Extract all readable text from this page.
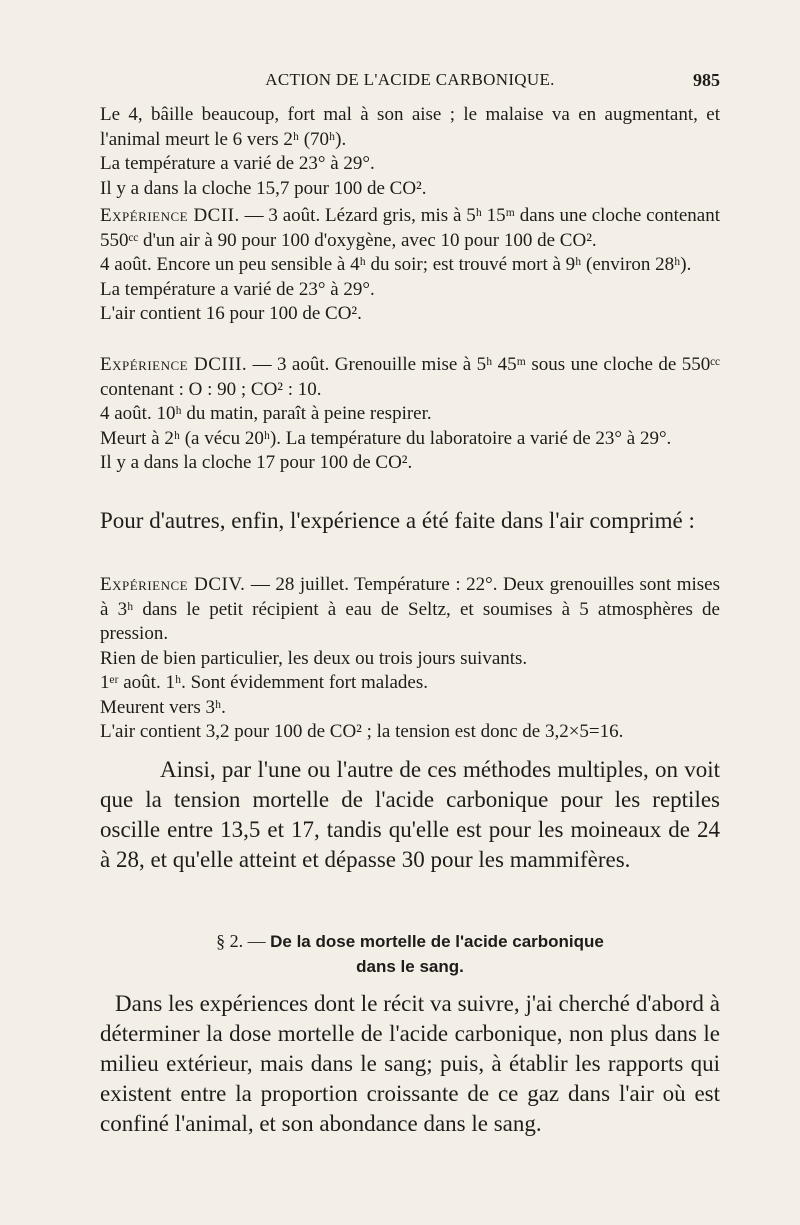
ACTION DE L'ACIDE CARBONIQUE.	985

Le 4, bâille beaucoup, fort mal à son aise ; le malaise va en augmentant, et l'animal meurt le 6 vers 2ʰ (70ʰ).

La température a varié de 23° à 29°.

Il y a dans la cloche 15,7 pour 100 de CO².

Expérience DCII. — 3 août. Lézard gris, mis à 5ʰ 15ᵐ dans une cloche contenant 550ᶜᶜ d'un air à 90 pour 100 d'oxygène, avec 10 pour 100 de CO².

4 août. Encore un peu sensible à 4ʰ du soir; est trouvé mort à 9ʰ (environ 28ʰ).

La température a varié de 23° à 29°.

L'air contient 16 pour 100 de CO².

Expérience DCIII. — 3 août. Grenouille mise à 5ʰ 45ᵐ sous une cloche de 550ᶜᶜ contenant : O : 90 ; CO² : 10.

4 août. 10ʰ du matin, paraît à peine respirer.

Meurt à 2ʰ (a vécu 20ʰ). La température du laboratoire a varié de 23° à 29°.

Il y a dans la cloche 17 pour 100 de CO².

Pour d'autres, enfin, l'expérience a été faite dans l'air comprimé :

Expérience DCIV. — 28 juillet. Température : 22°. Deux grenouilles sont mises à 3ʰ dans le petit récipient à eau de Seltz, et soumises à 5 atmosphères de pression.

Rien de bien particulier, les deux ou trois jours suivants.

1ᵉʳ août. 1ʰ. Sont évidemment fort malades.

Meurent vers 3ʰ.

L'air contient 3,2 pour 100 de CO² ; la tension est donc de 3,2×5=16.

Ainsi, par l'une ou l'autre de ces méthodes multiples, on voit que la tension mortelle de l'acide carbonique pour les reptiles oscille entre 13,5 et 17, tandis qu'elle est pour les moineaux de 24 à 28, et qu'elle atteint et dépasse 30 pour les mammifères.

§ 2. — De la dose mortelle de l'acide carbonique
dans le sang.

Dans les expériences dont le récit va suivre, j'ai cherché d'abord à déterminer la dose mortelle de l'acide carbonique, non plus dans le milieu extérieur, mais dans le sang; puis, à établir les rapports qui existent entre la proportion croissante de ce gaz dans l'air où est confiné l'animal, et son abondance dans le sang.
